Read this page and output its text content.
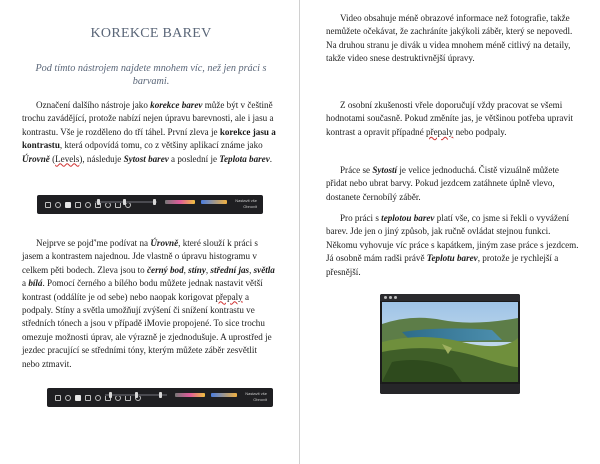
KOREKCE BAREV
Pod tímto nástrojem najdete mnohem víc, než jen práci s barvami.

Označení dalšího nástroje jako korekce barev může být v češtině trochu zavádějící, protože nabízí nejen úpravu barevnosti, ale i jasu a kontrastu. Vše je rozděleno do tří táhel. První zleva je korekce jasu a kontrastu, která odpovídá tomu, co z většiny aplikací známe jako Úrovně (Levels), následuje Sytost barev a poslední je Teplota barev.

Nastavit vše
Obnovit

Nejprve se pojď'me podívat na Úrovně, které slouží k práci s jasem a kontrastem najednou. Jde vlastně o úpravu histogramu v celkem pěti bodech. Zleva jsou to černý bod, stíny, střední jas, světla a bílá. Pomocí černého a bílého bodu můžete jednak nastavit větší kontrast (oddálíte je od sebe) nebo naopak korigovat přepaly a podpaly. Stíny a světla umožňují zvýšení či snížení kontrastu ve středních tónech a jsou v případě iMovie propojené. To sice trochu omezuje možnosti úprav, ale výrazně je zjednodušuje. A uprostřed je jezdec pracující se středními tóny, kterým můžete záběr zesvětlit nebo ztmavit.

Nastavit vše
Obnovit

Video obsahuje méně obrazové informace než fotografie, takže nemůžete očekávat, že zachráníte jakýkoli záběr, který se nepovedl. Na druhou stranu je divák u videa mnohem méně citlivý na detaily, takže video snese destruktivnější úpravy.

Z osobní zkušenosti vřele doporučují vždy pracovat se všemi hodnotami současně. Pokud změníte jas, je většinou potřeba upravit kontrast a opravit případné přepaly nebo podpaly.

Práce se Sytostí je velice jednoduchá. Čistě vizuálně můžete přidat nebo ubrat barvy. Pokud jezdcem zatáhnete úplně vlevo, dostanete černobílý záběr.

Pro práci s teplotou barev platí vše, co jsme si řekli o vyvážení barev. Jde jen o jiný způsob, jak ručně ovládat stejnou funkci. Někomu vyhovuje víc práce s kapátkem, jiným zase práce s jezdcem. Já osobně mám radši právě Teplotu barev, protože je rychlejší a přesnější.
